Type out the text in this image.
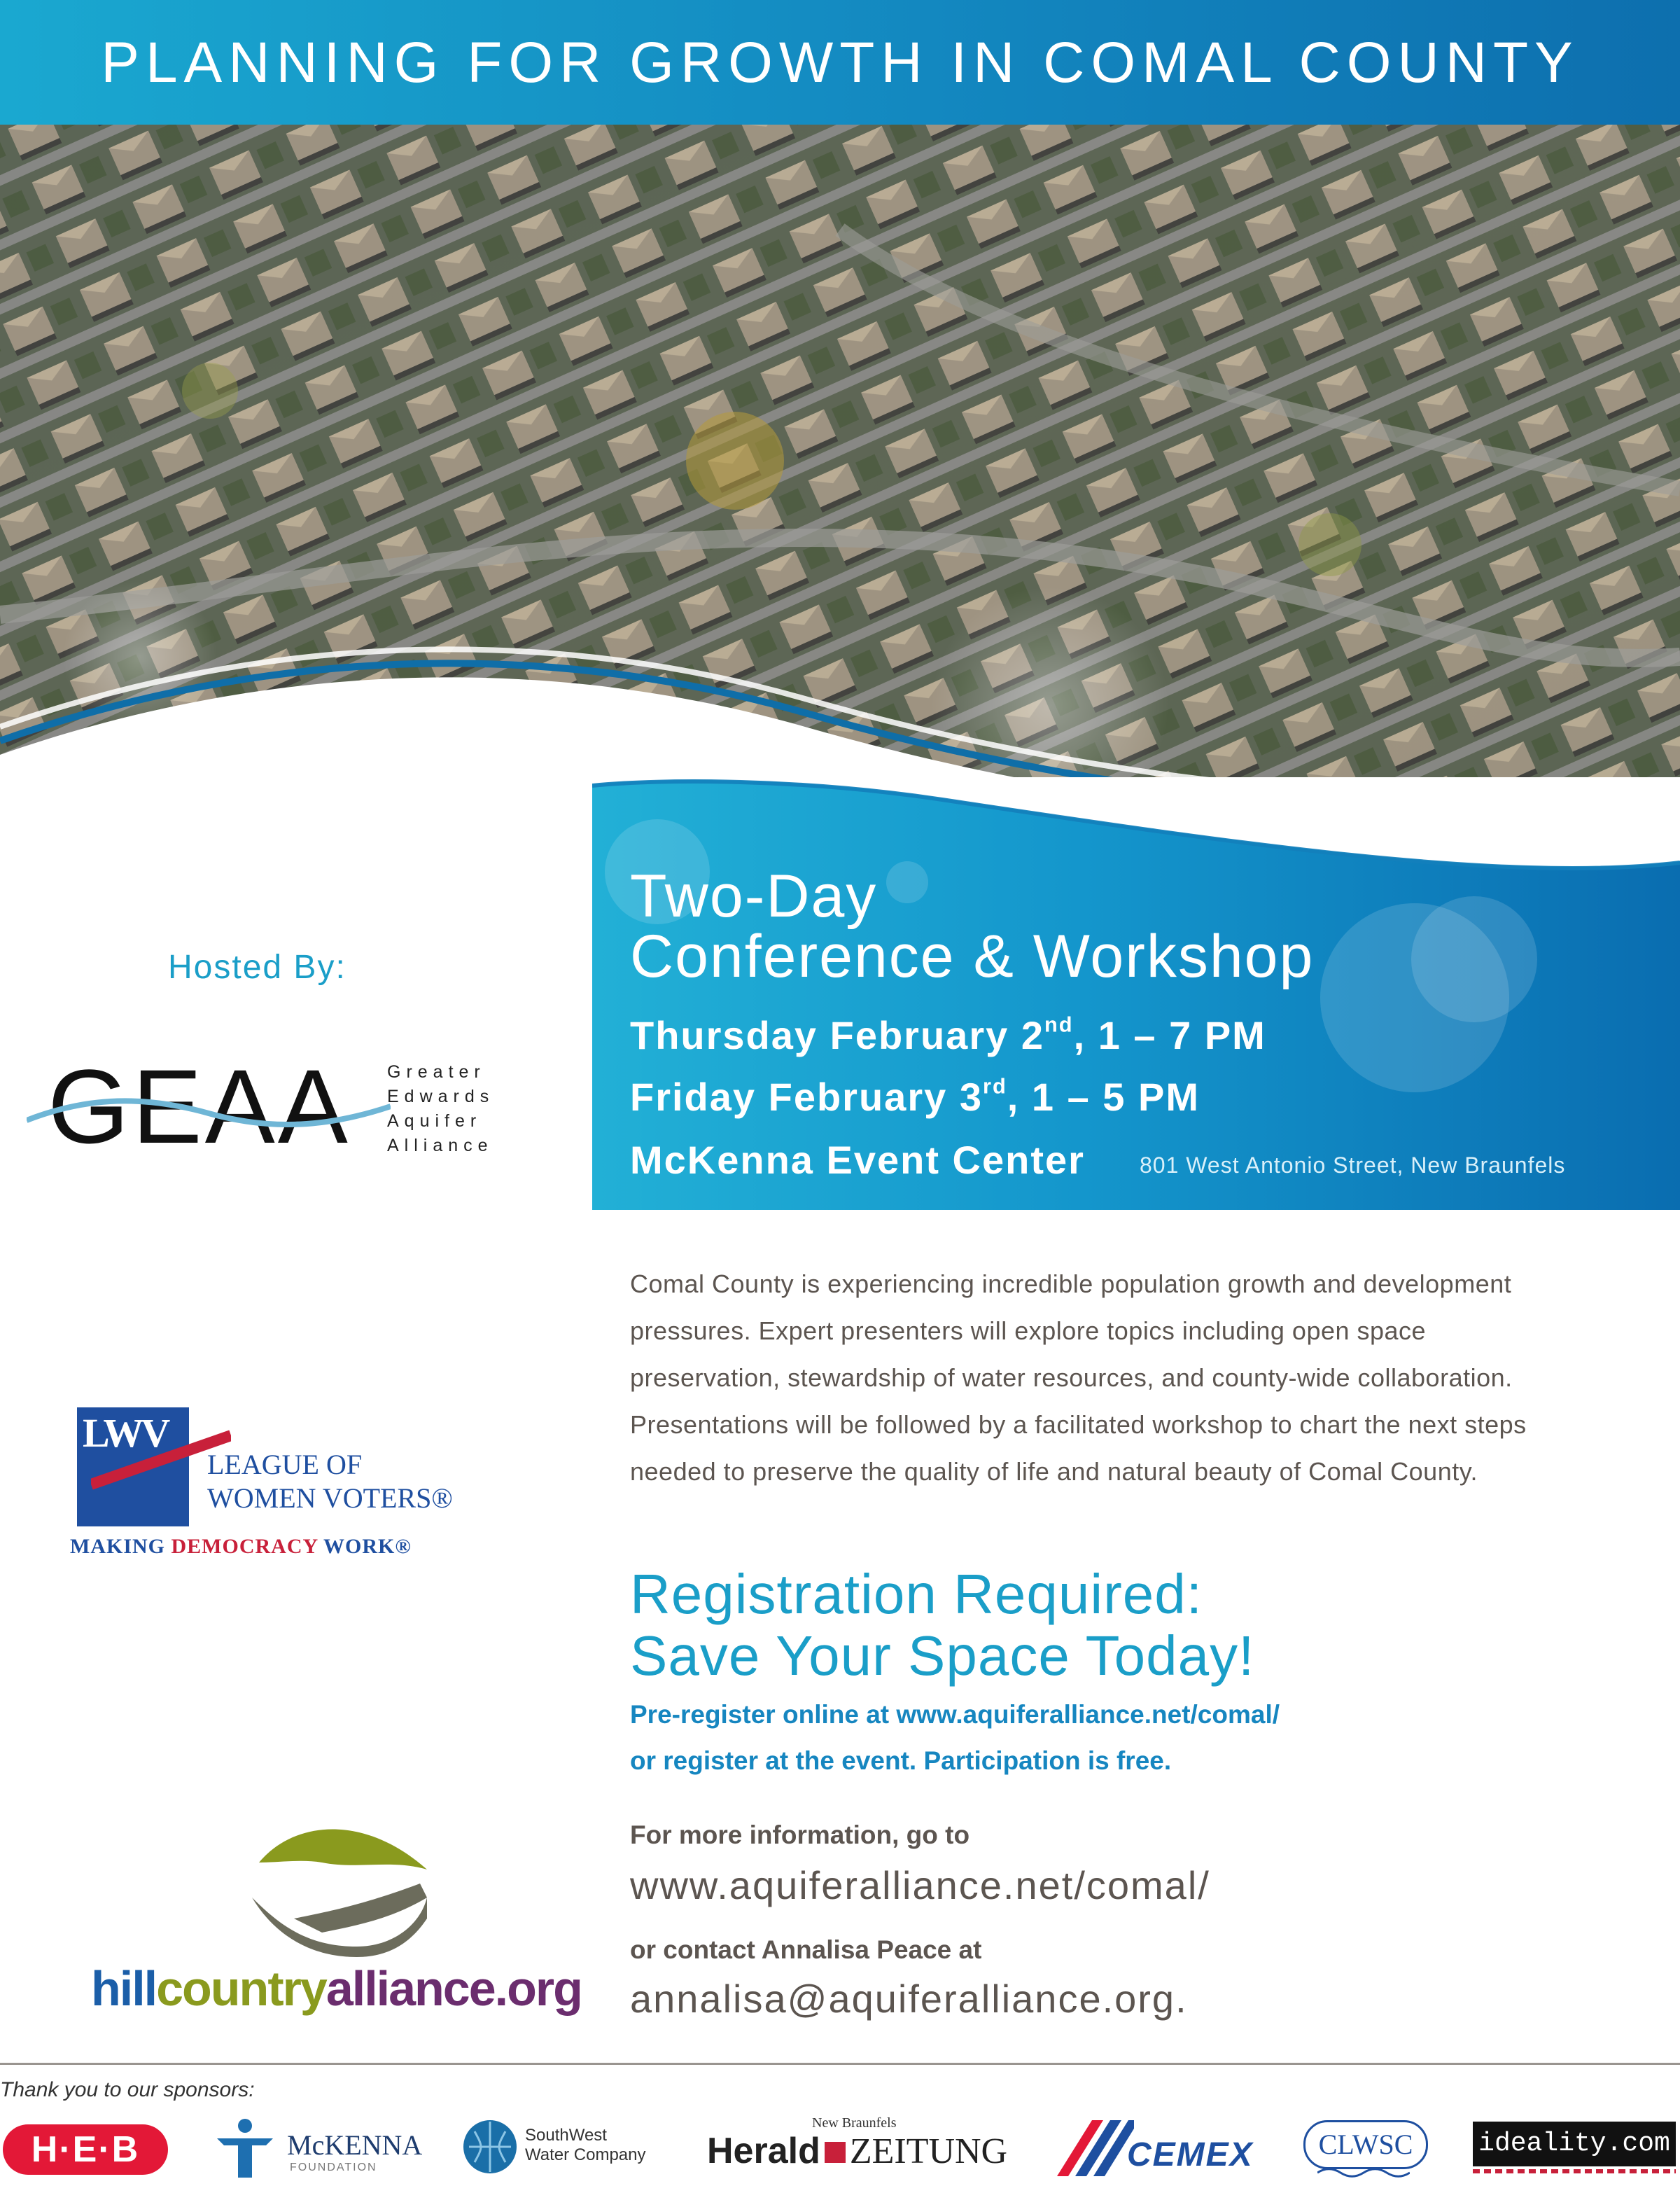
PLANNING FOR GROWTH IN COMAL COUNTY
Two-Day
Conference & Workshop
Thursday February 2nd, 1 – 7 PM
Friday February 3rd, 1 – 5 PM
McKenna Event Center 801 West Antonio Street, New Braunfels
Hosted By:
GEAA Greater
Edwards
Aquifer
Alliance
LWV
LEAGUE OF
WOMEN VOTERS®
MAKING DEMOCRACY WORK®
hillcountryalliance.org
Comal County is experiencing incredible population growth and development
pressures. Expert presenters will explore topics including open space
preservation, stewardship of water resources, and county-wide collaboration.
Presentations will be followed by a facilitated workshop to chart the next steps
needed to preserve the quality of life and natural beauty of Comal County.
Registration Required:
Save Your Space Today!
Pre-register online at www.aquiferalliance.net/comal/
or register at the event. Participation is free.
For more information, go to
www.aquiferalliance.net/comal/
or contact Annalisa Peace at
annalisa@aquiferalliance.org.
Thank you to our sponsors:
H·E·B	McKENNA
FOUNDATION
SouthWest
Water Company
New Braunfels
Herald ZEITUNG	CEMEX	CLWSC	ideality.com
